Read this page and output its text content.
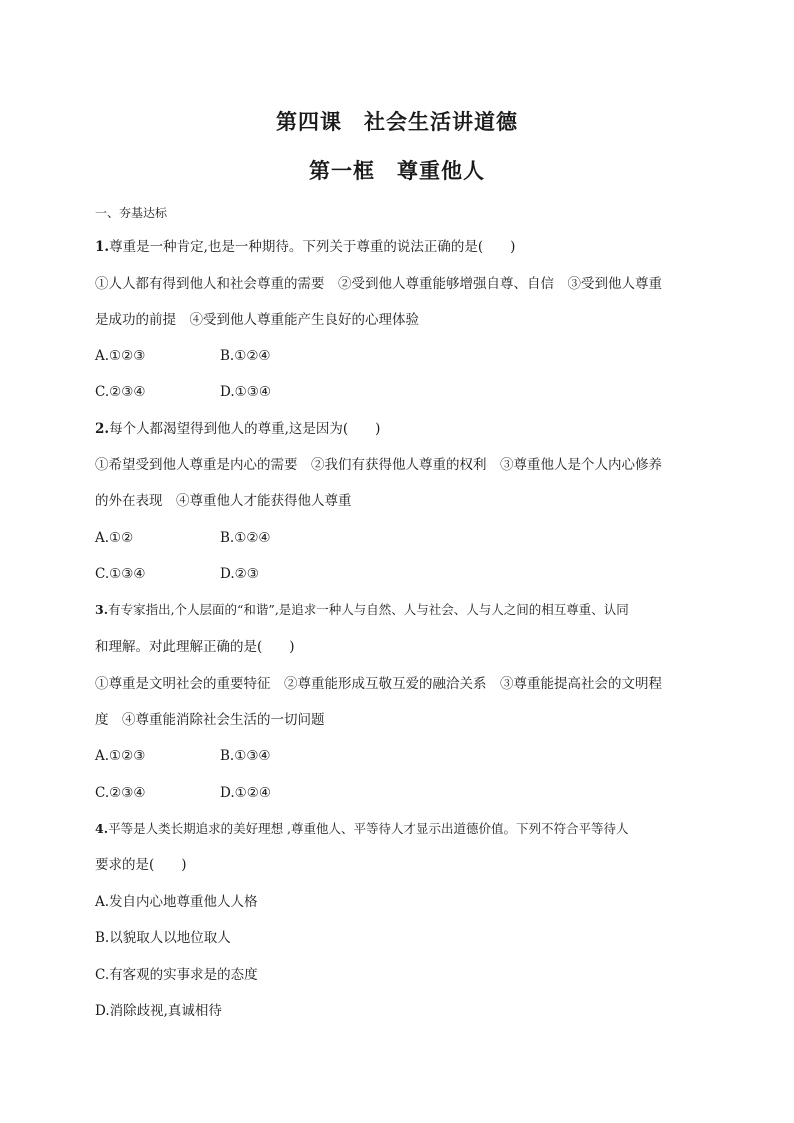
第四课　社会生活讲道德
第一框　尊重他人
一、夯基达标
1.尊重是一种肯定,也是一种期待。下列关于尊重的说法正确的是(　　)
①人人都有得到他人和社会尊重的需要　②受到他人尊重能够增强自尊、自信　③受到他人尊重
是成功的前提　④受到他人尊重能产生良好的心理体验
A.①②③	B.①②④
C.②③④	D.①③④
2.每个人都渴望得到他人的尊重,这是因为(　　)
①希望受到他人尊重是内心的需要　②我们有获得他人尊重的权利　③尊重他人是个人内心修养
的外在表现　④尊重他人才能获得他人尊重
A.①②	B.①②④
C.①③④	D.②③
3.有专家指出,个人层面的“和谐”,是追求一种人与自然、人与社会、人与人之间的相互尊重、认同
和理解。对此理解正确的是(　　)
①尊重是文明社会的重要特征　②尊重能形成互敬互爱的融洽关系　③尊重能提高社会的文明程
度　④尊重能消除社会生活的一切问题
A.①②③	B.①③④
C.②③④	D.①②④
4.平等是人类长期追求的美好理想 ,尊重他人、平等待人才显示出道德价值。下列不符合平等待人
要求的是(　　)
A.发自内心地尊重他人人格
B.以貌取人以地位取人
C.有客观的实事求是的态度
D.消除歧视,真诚相待
